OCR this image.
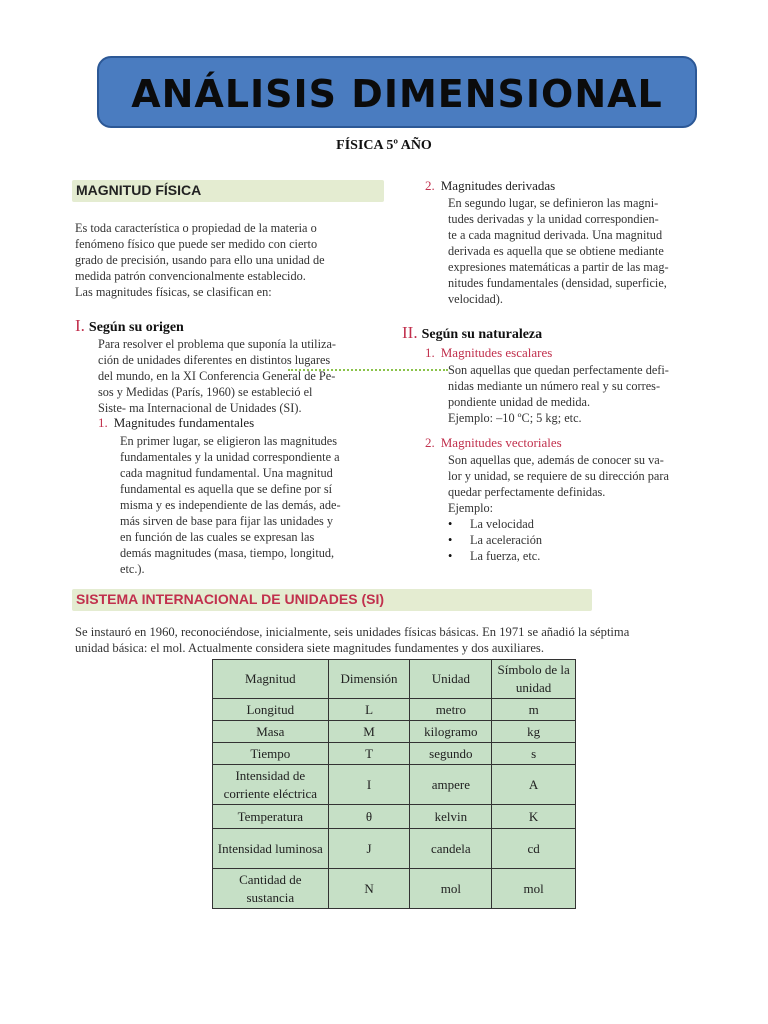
ANÁLISIS DIMENSIONAL
FÍSICA 5º AÑO
MAGNITUD FÍSICA
Es toda característica o propiedad de la materia o
fenómeno físico que puede ser medido con cierto
grado de precisión, usando para ello una unidad de
medida patrón convencionalmente establecido.
Las magnitudes físicas, se clasifican en:
I. Según su origen
Para resolver el problema que suponía la utiliza-
ción de unidades diferentes en distintos lugares
del mundo, en la XI Conferencia General de Pe-
sos y Medidas (París, 1960) se estableció el
Siste- ma Internacional de Unidades (SI).
1. Magnitudes fundamentales
En primer lugar, se eligieron las magnitudes
fundamentales y la unidad correspondiente a
cada magnitud fundamental. Una magnitud
fundamental es aquella que se define por sí
misma y es independiente de las demás, ade-
más sirven de base para fijar las unidades y
en función de las cuales se expresan las
demás magnitudes (masa, tiempo, longitud,
etc.).
2. Magnitudes derivadas
En segundo lugar, se definieron las magni-
tudes derivadas y la unidad correspondien-
te a cada magnitud derivada. Una magnitud
derivada es aquella que se obtiene mediante
expresiones matemáticas a partir de las mag-
nitudes fundamentales (densidad, superficie,
velocidad).
II. Según su naturaleza
1. Magnitudes escalares
Son aquellas que quedan perfectamente defi-
nidas mediante un número real y su corres-
pondiente unidad de medida.
Ejemplo: –10 ºC; 5 kg; etc.
2. Magnitudes vectoriales
Son aquellas que, además de conocer su va-
lor y unidad, se requiere de su dirección para
quedar perfectamente definidas.
Ejemplo:
• La velocidad
• La aceleración
• La fuerza, etc.
SISTEMA INTERNACIONAL DE UNIDADES (SI)
Se instauró en 1960, reconociéndose, inicialmente, seis unidades físicas básicas. En 1971 se añadió la séptima
unidad básica: el mol. Actualmente considera siete magnitudes fundamentes y dos auxiliares.
Magnitud	Dimensión	Unidad	Símbolo de la unidad
Longitud	L	metro	m
Masa	M	kilogramo	kg
Tiempo	T	segundo	s
Intensidad de corriente eléctrica	I	ampere	A
Temperatura	θ	kelvin	K
Intensidad luminosa	J	candela	cd
Cantidad de sustancia	N	mol	mol
